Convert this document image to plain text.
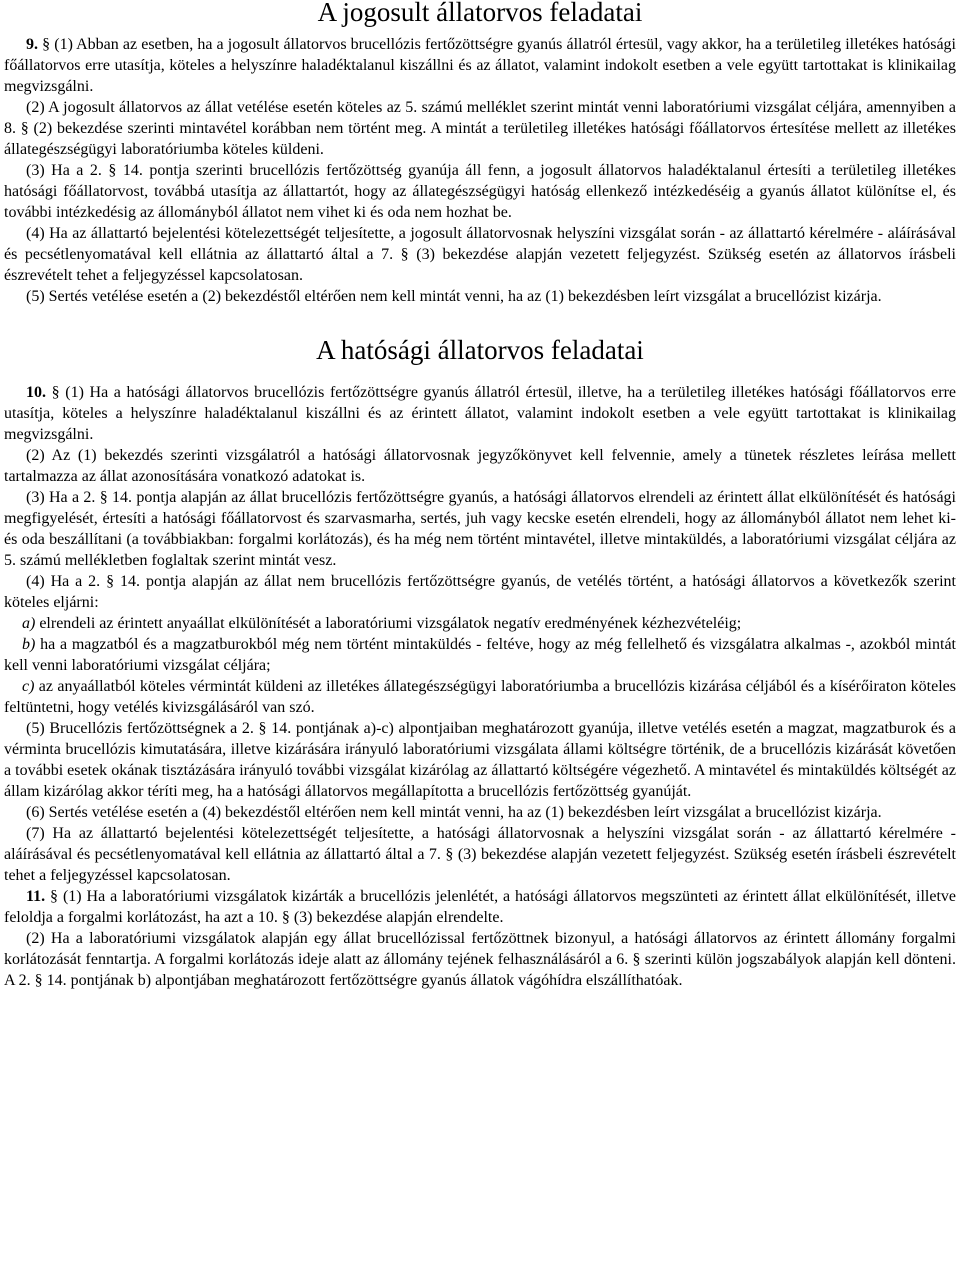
A jogosult állatorvos feladatai

9. § (1) Abban az esetben, ha a jogosult állatorvos brucellózis fertőzöttségre gyanús állatról értesül, vagy akkor, ha a területileg illetékes hatósági főállatorvos erre utasítja, köteles a helyszínre haladéktalanul kiszállni és az állatot, valamint indokolt esetben a vele együtt tartottakat is klinikailag megvizsgálni.

(2) A jogosult állatorvos az állat vetélése esetén köteles az 5. számú melléklet szerint mintát venni laboratóriumi vizsgálat céljára, amennyiben a 8. § (2) bekezdése szerinti mintavétel korábban nem történt meg. A mintát a területileg illetékes hatósági főállatorvos értesítése mellett az illetékes állategészségügyi laboratóriumba köteles küldeni.

(3) Ha a 2. § 14. pontja szerinti brucellózis fertőzöttség gyanúja áll fenn, a jogosult állatorvos haladéktalanul értesíti a területileg illetékes hatósági főállatorvost, továbbá utasítja az állattartót, hogy az állategészségügyi hatóság ellenkező intézkedéséig a gyanús állatot különítse el, és további intézkedésig az állományból állatot nem vihet ki és oda nem hozhat be.

(4) Ha az állattartó bejelentési kötelezettségét teljesítette, a jogosult állatorvosnak helyszíni vizsgálat során - az állattartó kérelmére - aláírásával és pecsétlenyomatával kell ellátnia az állattartó által a 7. § (3) bekezdése alapján vezetett feljegyzést. Szükség esetén az állatorvos írásbeli észrevételt tehet a feljegyzéssel kapcsolatosan.

(5) Sertés vetélése esetén a (2) bekezdéstől eltérően nem kell mintát venni, ha az (1) bekezdésben leírt vizsgálat a brucellózist kizárja.

A hatósági állatorvos feladatai

10. § (1) Ha a hatósági állatorvos brucellózis fertőzöttségre gyanús állatról értesül, illetve, ha a területileg illetékes hatósági főállatorvos erre utasítja, köteles a helyszínre haladéktalanul kiszállni és az érintett állatot, valamint indokolt esetben a vele együtt tartottakat is klinikailag megvizsgálni.

(2) Az (1) bekezdés szerinti vizsgálatról a hatósági állatorvosnak jegyzőkönyvet kell felvennie, amely a tünetek részletes leírása mellett tartalmazza az állat azonosítására vonatkozó adatokat is.

(3) Ha a 2. § 14. pontja alapján az állat brucellózis fertőzöttségre gyanús, a hatósági állatorvos elrendeli az érintett állat elkülönítését és hatósági megfigyelését, értesíti a hatósági főállatorvost és szarvasmarha, sertés, juh vagy kecske esetén elrendeli, hogy az állományból állatot nem lehet ki- és oda beszállítani (a továbbiakban: forgalmi korlátozás), és ha még nem történt mintavétel, illetve mintaküldés, a laboratóriumi vizsgálat céljára az 5. számú mellékletben foglaltak szerint mintát vesz.

(4) Ha a 2. § 14. pontja alapján az állat nem brucellózis fertőzöttségre gyanús, de vetélés történt, a hatósági állatorvos a következők szerint köteles eljárni:

a) elrendeli az érintett anyaállat elkülönítését a laboratóriumi vizsgálatok negatív eredményének kézhezvételéig;

b) ha a magzatból és a magzatburokból még nem történt mintaküldés - feltéve, hogy az még fellelhető és vizsgálatra alkalmas -, azokból mintát kell venni laboratóriumi vizsgálat céljára;

c) az anyaállatból köteles vérmintát küldeni az illetékes állategészségügyi laboratóriumba a brucellózis kizárása céljából és a kísérőiraton köteles feltüntetni, hogy vetélés kivizsgálásáról van szó.

(5) Brucellózis fertőzöttségnek a 2. § 14. pontjának a)-c) alpontjaiban meghatározott gyanúja, illetve vetélés esetén a magzat, magzatburok és a vérminta brucellózis kimutatására, illetve kizárására irányuló laboratóriumi vizsgálata állami költségre történik, de a brucellózis kizárását követően a további esetek okának tisztázására irányuló további vizsgálat kizárólag az állattartó költségére végezhető. A mintavétel és mintaküldés költségét az állam kizárólag akkor téríti meg, ha a hatósági állatorvos megállapította a brucellózis fertőzöttség gyanúját.

(6) Sertés vetélése esetén a (4) bekezdéstől eltérően nem kell mintát venni, ha az (1) bekezdésben leírt vizsgálat a brucellózist kizárja.

(7) Ha az állattartó bejelentési kötelezettségét teljesítette, a hatósági állatorvosnak a helyszíni vizsgálat során - az állattartó kérelmére - aláírásával és pecsétlenyomatával kell ellátnia az állattartó által a 7. § (3) bekezdése alapján vezetett feljegyzést. Szükség esetén írásbeli észrevételt tehet a feljegyzéssel kapcsolatosan.

11. § (1) Ha a laboratóriumi vizsgálatok kizárták a brucellózis jelenlétét, a hatósági állatorvos megszünteti az érintett állat elkülönítését, illetve feloldja a forgalmi korlátozást, ha azt a 10. § (3) bekezdése alapján elrendelte.

(2) Ha a laboratóriumi vizsgálatok alapján egy állat brucellózissal fertőzöttnek bizonyul, a hatósági állatorvos az érintett állomány forgalmi korlátozását fenntartja. A forgalmi korlátozás ideje alatt az állomány tejének felhasználásáról a 6. § szerinti külön jogszabályok alapján kell dönteni. A 2. § 14. pontjának b) alpontjában meghatározott fertőzöttségre gyanús állatok vágóhídra elszállíthatóak.
